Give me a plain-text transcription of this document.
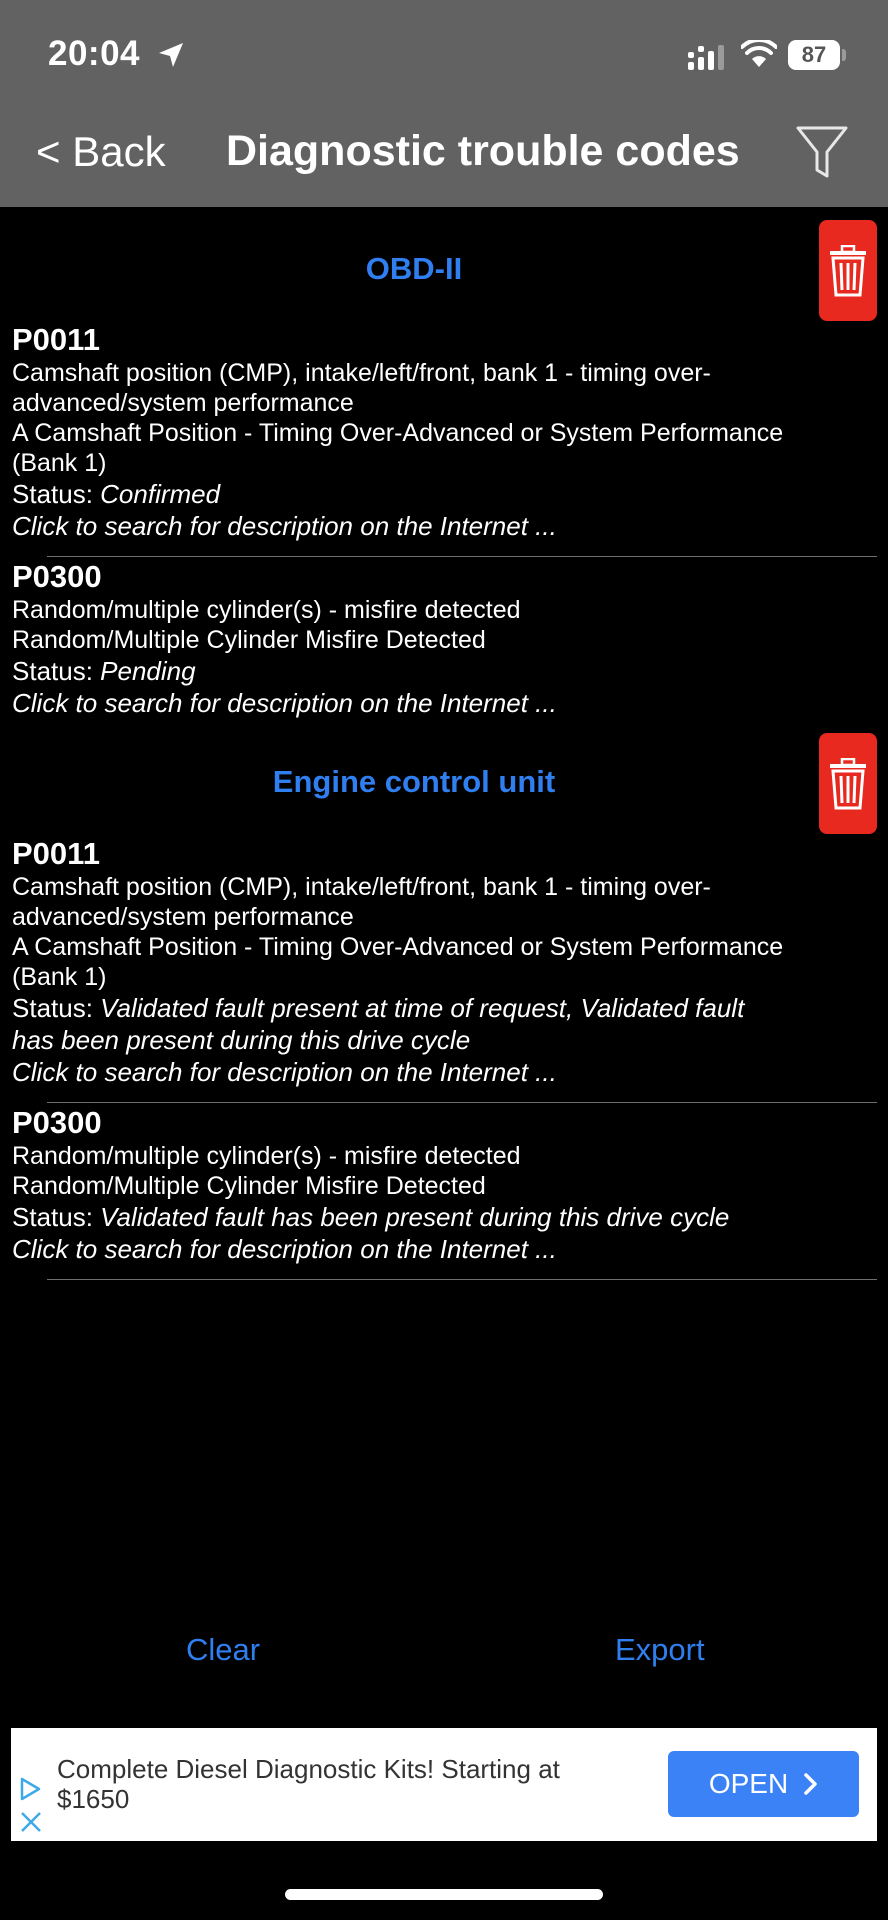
20:04	87
< Back Diagnostic trouble codes
OBD-II
P0011
Camshaft position (CMP), intake/left/front, bank 1 - timing over-
advanced/system performance
A Camshaft Position - Timing Over-Advanced or System Performance
(Bank 1)
Status: Confirmed
Click to search for description on the Internet ...
P0300
Random/multiple cylinder(s) - misfire detected
Random/Multiple Cylinder Misfire Detected
Status: Pending
Click to search for description on the Internet ...
Engine control unit
P0011
Camshaft position (CMP), intake/left/front, bank 1 - timing over-
advanced/system performance
A Camshaft Position - Timing Over-Advanced or System Performance
(Bank 1)
Status: Validated fault present at time of request, Validated fault
has been present during this drive cycle
Click to search for description on the Internet ...
P0300
Random/multiple cylinder(s) - misfire detected
Random/Multiple Cylinder Misfire Detected
Status: Validated fault has been present during this drive cycle
Click to search for description on the Internet ...
Clear	Export
Complete Diesel Diagnostic Kits! Starting at
$1650	OPEN
